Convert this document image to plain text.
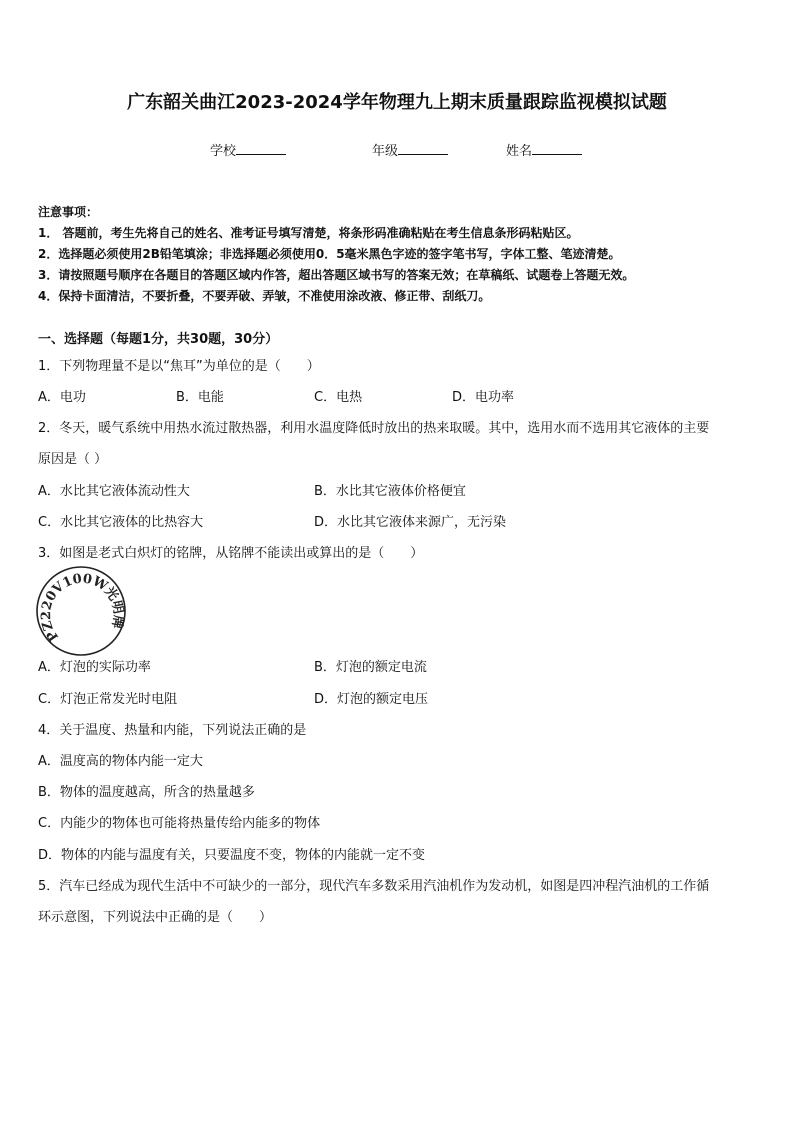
广东韶关曲江2023-2024学年物理九上期末质量跟踪监视模拟试题
学校	年级	姓名
注意事项：
1． 答题前，考生先将自己的姓名、准考证号填写清楚，将条形码准确粘贴在考生信息条形码粘贴区。
2．选择题必须使用2B铅笔填涂；非选择题必须使用0．5毫米黑色字迹的签字笔书写，字体工整、笔迹清楚。
3．请按照题号顺序在各题目的答题区域内作答，超出答题区域书写的答案无效；在草稿纸、试题卷上答题无效。
4．保持卡面清洁，不要折叠，不要弄破、弄皱，不准使用涂改液、修正带、刮纸刀。
一、选择题（每题1分，共30题，30分）
1．下列物理量不是以“焦耳”为单位的是（　　）
A．电功	B．电能	C．电热	D．电功率
2．冬天，暖气系统中用热水流过散热器，利用水温度降低时放出的热来取暖。其中，选用水而不选用其它液体的主要
原因是（ ）
A．水比其它液体流动性大	B．水比其它液体价格便宜
C．水比其它液体的比热容大	D．水比其它液体来源广，无污染
3．如图是老式白炽灯的铭牌，从铭牌不能读出或算出的是（　　）
PZ220V100W光明牌
A．灯泡的实际功率	B．灯泡的额定电流
C．灯泡正常发光时电阻	D．灯泡的额定电压
4．关于温度、热量和内能，下列说法正确的是
A．温度高的物体内能一定大
B．物体的温度越高，所含的热量越多
C．内能少的物体也可能将热量传给内能多的物体
D．物体的内能与温度有关，只要温度不变，物体的内能就一定不变
5．汽车已经成为现代生活中不可缺少的一部分，现代汽车多数采用汽油机作为发动机，如图是四冲程汽油机的工作循
环示意图，下列说法中正确的是（　　）
